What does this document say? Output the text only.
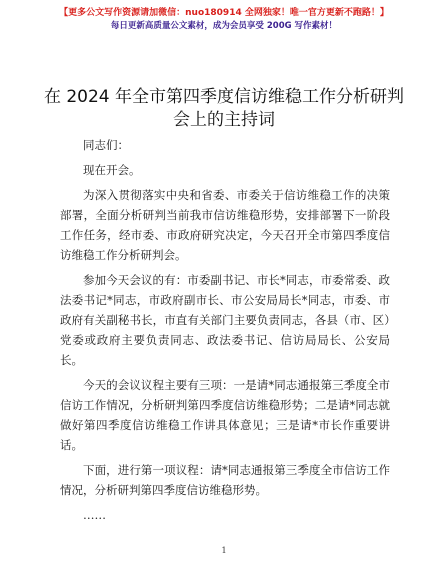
【更多公文写作资源请加微信：nuo180914 全网独家！唯一官方更新不跑路！】
每日更新高质量公文素材，成为会员享受 200G 写作素材！
在 2024 年全市第四季度信访维稳工作分析研判会上的主持词

同志们：

现在开会。

为深入贯彻落实中央和省委、市委关于信访维稳工作的决策部署，全面分析研判当前我市信访维稳形势，安排部署下一阶段工作任务，经市委、市政府研究决定，今天召开全市第四季度信访维稳工作分析研判会。

参加今天会议的有：市委副书记、市长*同志，市委常委、政法委书记*同志，市政府副市长、市公安局局长*同志，市委、市政府有关副秘书长，市直有关部门主要负责同志，各县（市、区）党委或政府主要负责同志、政法委书记、信访局局长、公安局长。

今天的会议议程主要有三项：一是请*同志通报第三季度全市信访工作情况，分析研判第四季度信访维稳形势；二是请*同志就做好第四季度信访维稳工作讲具体意见；三是请*市长作重要讲话。

下面，进行第一项议程：请*同志通报第三季度全市信访工作情况，分析研判第四季度信访维稳形势。

……

1
